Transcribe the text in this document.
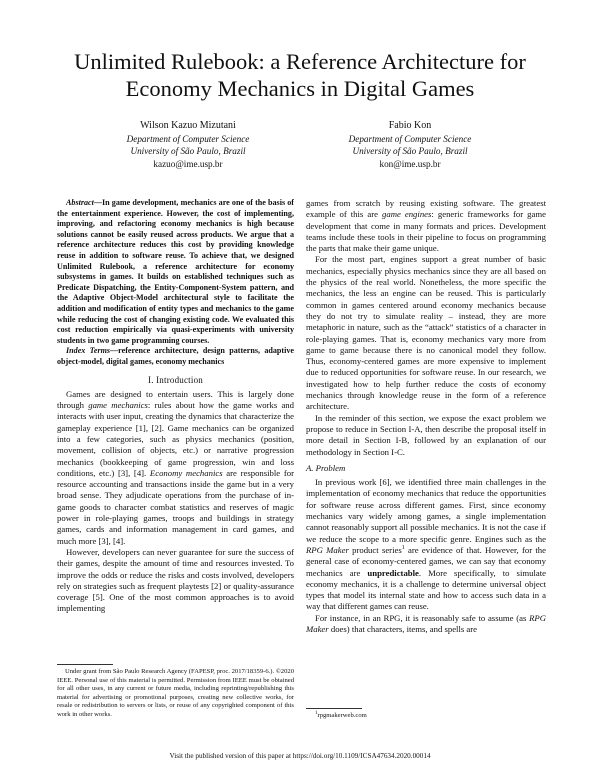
Unlimited Rulebook: a Reference Architecture for
Economy Mechanics in Digital Games
Wilson Kazuo Mizutani
Department of Computer Science
University of São Paulo, Brazil
kazuo@ime.usp.br
Fabio Kon
Department of Computer Science
University of São Paulo, Brazil
kon@ime.usp.br

Abstract—In game development, mechanics are one of the basis of the entertainment experience. However, the cost of implementing, improving, and refactoring economy mechanics is high because solutions cannot be easily reused across products. We argue that a reference architecture reduces this cost by providing knowledge reuse in addition to software reuse. To achieve that, we designed Unlimited Rulebook, a reference architecture for economy subsystems in games. It builds on established techniques such as Predicate Dispatching, the Entity-Component-System pattern, and the Adaptive Object-Model architectural style to facilitate the addition and modification of entity types and mechanics to the game while reducing the cost of changing existing code. We evaluated this cost reduction empirically via quasi-experiments with university students in two game programming courses.

Index Terms—reference architecture, design patterns, adaptive object-model, digital games, economy mechanics

I. Introduction

Games are designed to entertain users. This is largely done through game mechanics: rules about how the game works and interacts with user input, creating the dynamics that characterize the gameplay experience [1], [2]. Game mechanics can be organized into a few categories, such as physics mechanics (position, movement, collision of objects, etc.) or narrative progression mechanics (bookkeeping of game progression, win and loss conditions, etc.) [3], [4]. Economy mechanics are responsible for resource accounting and transactions inside the game but in a very broad sense. They adjudicate operations from the purchase of in-game goods to character combat statistics and reserves of magic power in role-playing games, troops and buildings in strategy games, cards and information management in card games, and much more [3], [4].

However, developers can never guarantee for sure the success of their games, despite the amount of time and resources invested. To improve the odds or reduce the risks and costs involved, developers rely on strategies such as frequent playtests [2] or quality-assurance coverage [5]. One of the most common approaches is to avoid implementing

games from scratch by reusing existing software. The greatest example of this are game engines: generic frameworks for game development that come in many formats and prices. Development teams include these tools in their pipeline to focus on programming the parts that make their game unique.

For the most part, engines support a great number of basic mechanics, especially physics mechanics since they are all based on the physics of the real world. Nonetheless, the more specific the mechanics, the less an engine can be reused. This is particularly common in games centered around economy mechanics because they do not try to simulate reality – instead, they are more metaphoric in nature, such as the “attack” statistics of a character in role-playing games. That is, economy mechanics vary more from game to game because there is no canonical model they follow. Thus, economy-centered games are more expensive to implement due to reduced opportunities for software reuse. In our research, we investigated how to help further reduce the costs of economy mechanics through knowledge reuse in the form of a reference architecture.

In the reminder of this section, we expose the exact problem we propose to reduce in Section I-A, then describe the proposal itself in more detail in Section I-B, followed by an explanation of our methodology in Section I-C.

A. Problem

In previous work [6], we identified three main challenges in the implementation of economy mechanics that reduce the opportunities for software reuse across different games. First, since economy mechanics vary widely among games, a single implementation cannot reasonably support all possible mechanics. It is not the case if we reduce the scope to a more specific genre. Engines such as the RPG Maker product series$^1$ are evidence of that. However, for the general case of economy-centered games, we can say that economy mechanics are unpredictable. More specifically, to simulate economy mechanics, it is a challenge to determine universal object types that model its internal state and how to access such data in a way that different games can reuse.

For instance, in an RPG, it is reasonably safe to assume (as RPG Maker does) that characters, items, and spells are

Under grant from São Paulo Research Agency (FAPESP, proc. 2017/18359-6.). ©2020 IEEE. Personal use of this material is permitted. Permission from IEEE must be obtained for all other uses, in any current or future media, including reprinting/republishing this material for advertising or promotional purposes, creating new collective works, for resale or redistribution to servers or lists, or reuse of any copyrighted component of this work in other works.	$^1$rpgmakerweb.com
Visit the published version of this paper at https://doi.org/10.1109/ICSA47634.2020.00014
